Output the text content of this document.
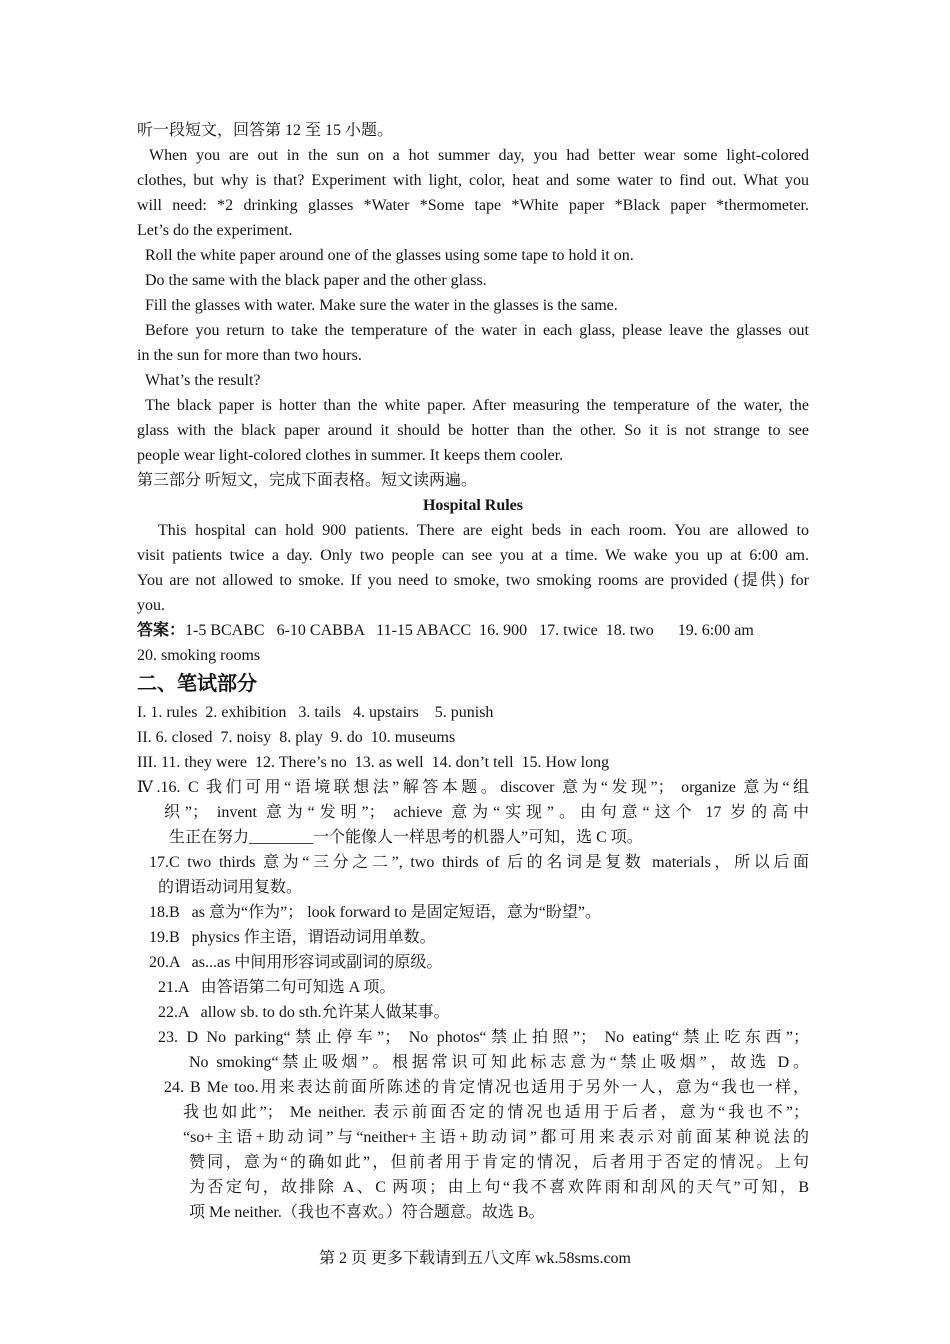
听一段短文，回答第 12 至 15 小题。
When you are out in the sun on a hot summer day, you had better wear some light-colored
clothes, but why is that? Experiment with light, color, heat and some water to find out. What you
will need: *2 drinking glasses *Water *Some tape *White paper *Black paper *thermometer.
Let’s do the experiment.
Roll the white paper around one of the glasses using some tape to hold it on.
Do the same with the black paper and the other glass.
Fill the glasses with water. Make sure the water in the glasses is the same.
Before you return to take the temperature of the water in each glass, please leave the glasses out
in the sun for more than two hours.
What’s the result?
The black paper is hotter than the white paper. After measuring the temperature of the water, the
glass with the black paper around it should be hotter than the other. So it is not strange to see
people wear light-colored clothes in summer. It keeps them cooler.
第三部分 听短文，完成下面表格。短文读两遍。
Hospital Rules
This hospital can hold 900 patients. There are eight beds in each room. You are allowed to
visit patients twice a day. Only two people can see you at a time. We wake you up at 6:00 am.
You are not allowed to smoke. If you need to smoke, two smoking rooms are provided (提供) for
you.
答案：1-5 BCABC   6-10 CABBA   11-15 ABACC  16. 900   17. twice  18. two      19. 6:00 am
20. smoking rooms
二、笔试部分
I. 1. rules  2. exhibition   3. tails   4. upstairs    5. punish
II. 6. closed  7. noisy  8. play  9. do  10. museums
III. 11. they were  12. There’s no  13. as well  14. don’t tell  15. How long
Ⅳ.16. C 我们可用“语境联想法”解答本题。discover 意为“发现”； organize 意为“组
织”； invent 意为“发明”； achieve 意为“实现”。由句意“这个 17 岁的高中
生正在努力________一个能像人一样思考的机器人”可知，选 C 项。
17.C two thirds 意为“三分之二”, two thirds of 后的名词是复数 materials，所以后面
的谓语动词用复数。
18.B   as 意为“作为”； look forward to 是固定短语，意为“盼望”。
19.B   physics 作主语，谓语动词用单数。
20.A   as...as 中间用形容词或副词的原级。
21.A   由答语第二句可知选 A 项。
22.A   allow sb. to do sth.允许某人做某事。
23. D No parking“禁止停车”； No photos“禁止拍照”； No eating“禁止吃东西”；
No smoking“禁止吸烟”。根据常识可知此标志意为“禁止吸烟”，故选 D。
24. B Me too.用来表达前面所陈述的肯定情况也适用于另外一人，意为“我也一样，
我也如此”； Me neither. 表示前面否定的情况也适用于后者，意为“我也不”；
“so+主语+助动词”与“neither+主语+助动词”都可用来表示对前面某种说法的
赞同，意为“的确如此”，但前者用于肯定的情况，后者用于否定的情况。上句
为否定句，故排除 A、C 两项；由上句“我不喜欢阵雨和刮风的天气”可知，B
项 Me neither.（我也不喜欢。）符合题意。故选 B。
第 2 页 更多下载请到五八文库 wk.58sms.com
